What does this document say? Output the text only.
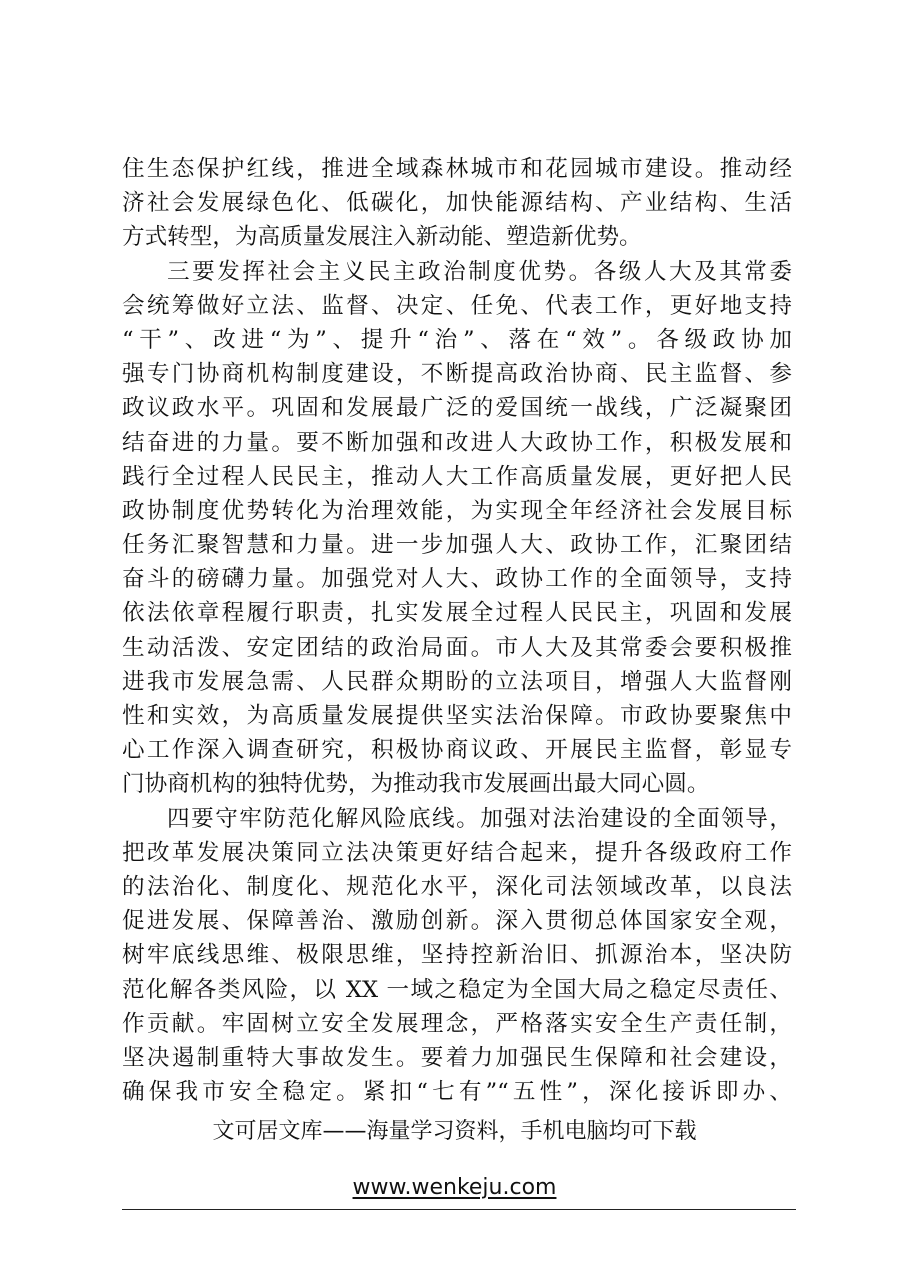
住生态保护红线，推进全域森林城市和花园城市建设。推动经
济社会发展绿色化、低碳化，加快能源结构、产业结构、生活
方式转型，为高质量发展注入新动能、塑造新优势。
三要发挥社会主义民主政治制度优势。各级人大及其常委
会统筹做好立法、监督、决定、任免、代表工作，更好地支持
“干”、改进“为”、提升“治”、落在“效”。各级政协加
强专门协商机构制度建设，不断提高政治协商、民主监督、参
政议政水平。巩固和发展最广泛的爱国统一战线，广泛凝聚团
结奋进的力量。要不断加强和改进人大政协工作，积极发展和
践行全过程人民民主，推动人大工作高质量发展，更好把人民
政协制度优势转化为治理效能，为实现全年经济社会发展目标
任务汇聚智慧和力量。进一步加强人大、政协工作，汇聚团结
奋斗的磅礴力量。加强党对人大、政协工作的全面领导，支持
依法依章程履行职责，扎实发展全过程人民民主，巩固和发展
生动活泼、安定团结的政治局面。市人大及其常委会要积极推
进我市发展急需、人民群众期盼的立法项目，增强人大监督刚
性和实效，为高质量发展提供坚实法治保障。市政协要聚焦中
心工作深入调查研究，积极协商议政、开展民主监督，彰显专
门协商机构的独特优势，为推动我市发展画出最大同心圆。
四要守牢防范化解风险底线。加强对法治建设的全面领导，
把改革发展决策同立法决策更好结合起来，提升各级政府工作
的法治化、制度化、规范化水平，深化司法领域改革，以良法
促进发展、保障善治、激励创新。深入贯彻总体国家安全观，
树牢底线思维、极限思维，坚持控新治旧、抓源治本，坚决防
范化解各类风险，以 XX 一域之稳定为全国大局之稳定尽责任、
作贡献。牢固树立安全发展理念，严格落实安全生产责任制，
坚决遏制重特大事故发生。要着力加强民生保障和社会建设，
确保我市安全稳定。紧扣“七有”“五性”，深化接诉即办、
文可居文库——海量学习资料，手机电脑均可下载
www.wenkeju.com
